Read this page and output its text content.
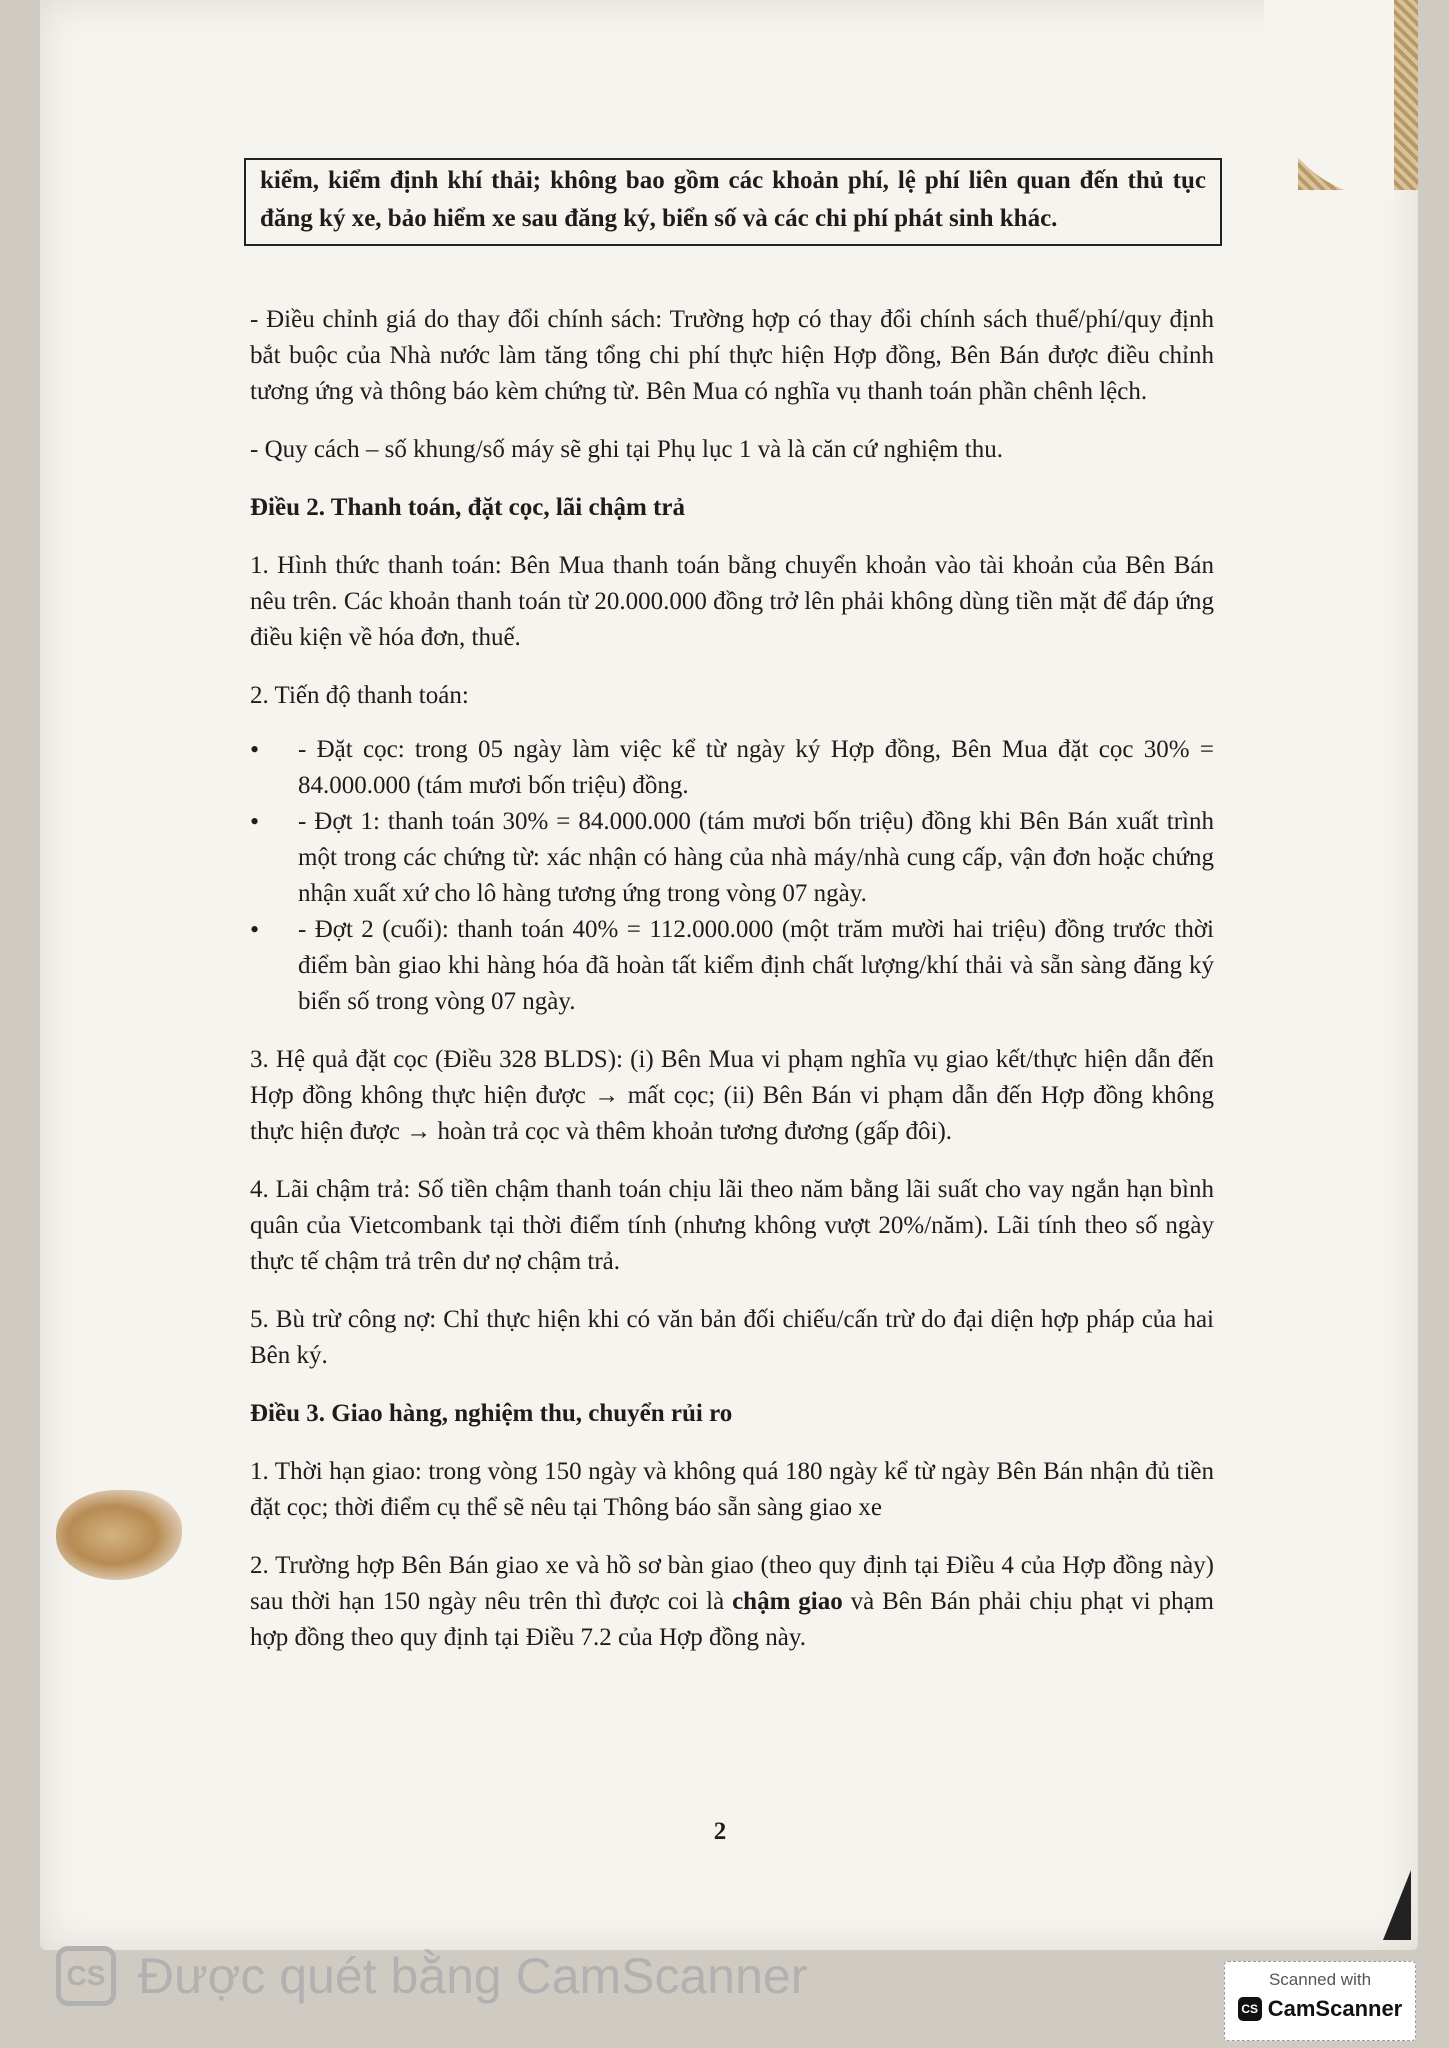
kiểm, kiểm định khí thải; không bao gồm các khoản phí, lệ phí liên quan đến thủ tục đăng ký xe, bảo hiểm xe sau đăng ký, biển số và các chi phí phát sinh khác.

- Điều chỉnh giá do thay đổi chính sách: Trường hợp có thay đổi chính sách thuế/phí/quy định bắt buộc của Nhà nước làm tăng tổng chi phí thực hiện Hợp đồng, Bên Bán được điều chỉnh tương ứng và thông báo kèm chứng từ. Bên Mua có nghĩa vụ thanh toán phần chênh lệch.

- Quy cách – số khung/số máy sẽ ghi tại Phụ lục 1 và là căn cứ nghiệm thu.

Điều 2. Thanh toán, đặt cọc, lãi chậm trả

1. Hình thức thanh toán: Bên Mua thanh toán bằng chuyển khoản vào tài khoản của Bên Bán nêu trên. Các khoản thanh toán từ 20.000.000 đồng trở lên phải không dùng tiền mặt để đáp ứng điều kiện về hóa đơn, thuế.

2. Tiến độ thanh toán:

• - Đặt cọc: trong 05 ngày làm việc kể từ ngày ký Hợp đồng, Bên Mua đặt cọc 30% = 84.000.000 (tám mươi bốn triệu) đồng.
• - Đợt 1: thanh toán 30% = 84.000.000 (tám mươi bốn triệu) đồng khi Bên Bán xuất trình một trong các chứng từ: xác nhận có hàng của nhà máy/nhà cung cấp, vận đơn hoặc chứng nhận xuất xứ cho lô hàng tương ứng trong vòng 07 ngày.
• - Đợt 2 (cuối): thanh toán 40% = 112.000.000 (một trăm mười hai triệu) đồng trước thời điểm bàn giao khi hàng hóa đã hoàn tất kiểm định chất lượng/khí thải và sẵn sàng đăng ký biển số trong vòng 07 ngày.

3. Hệ quả đặt cọc (Điều 328 BLDS): (i) Bên Mua vi phạm nghĩa vụ giao kết/thực hiện dẫn đến Hợp đồng không thực hiện được → mất cọc; (ii) Bên Bán vi phạm dẫn đến Hợp đồng không thực hiện được → hoàn trả cọc và thêm khoản tương đương (gấp đôi).

4. Lãi chậm trả: Số tiền chậm thanh toán chịu lãi theo năm bằng lãi suất cho vay ngắn hạn bình quân của Vietcombank tại thời điểm tính (nhưng không vượt 20%/năm). Lãi tính theo số ngày thực tế chậm trả trên dư nợ chậm trả.

5. Bù trừ công nợ: Chỉ thực hiện khi có văn bản đối chiếu/cấn trừ do đại diện hợp pháp của hai Bên ký.

Điều 3. Giao hàng, nghiệm thu, chuyển rủi ro

1. Thời hạn giao: trong vòng 150 ngày và không quá 180 ngày kể từ ngày Bên Bán nhận đủ tiền đặt cọc; thời điểm cụ thể sẽ nêu tại Thông báo sẵn sàng giao xe

2. Trường hợp Bên Bán giao xe và hồ sơ bàn giao (theo quy định tại Điều 4 của Hợp đồng này) sau thời hạn 150 ngày nêu trên thì được coi là chậm giao và Bên Bán phải chịu phạt vi phạm hợp đồng theo quy định tại Điều 7.2 của Hợp đồng này.

2
CS Được quét bằng CamScanner	Scanned with
CS CamScanner
